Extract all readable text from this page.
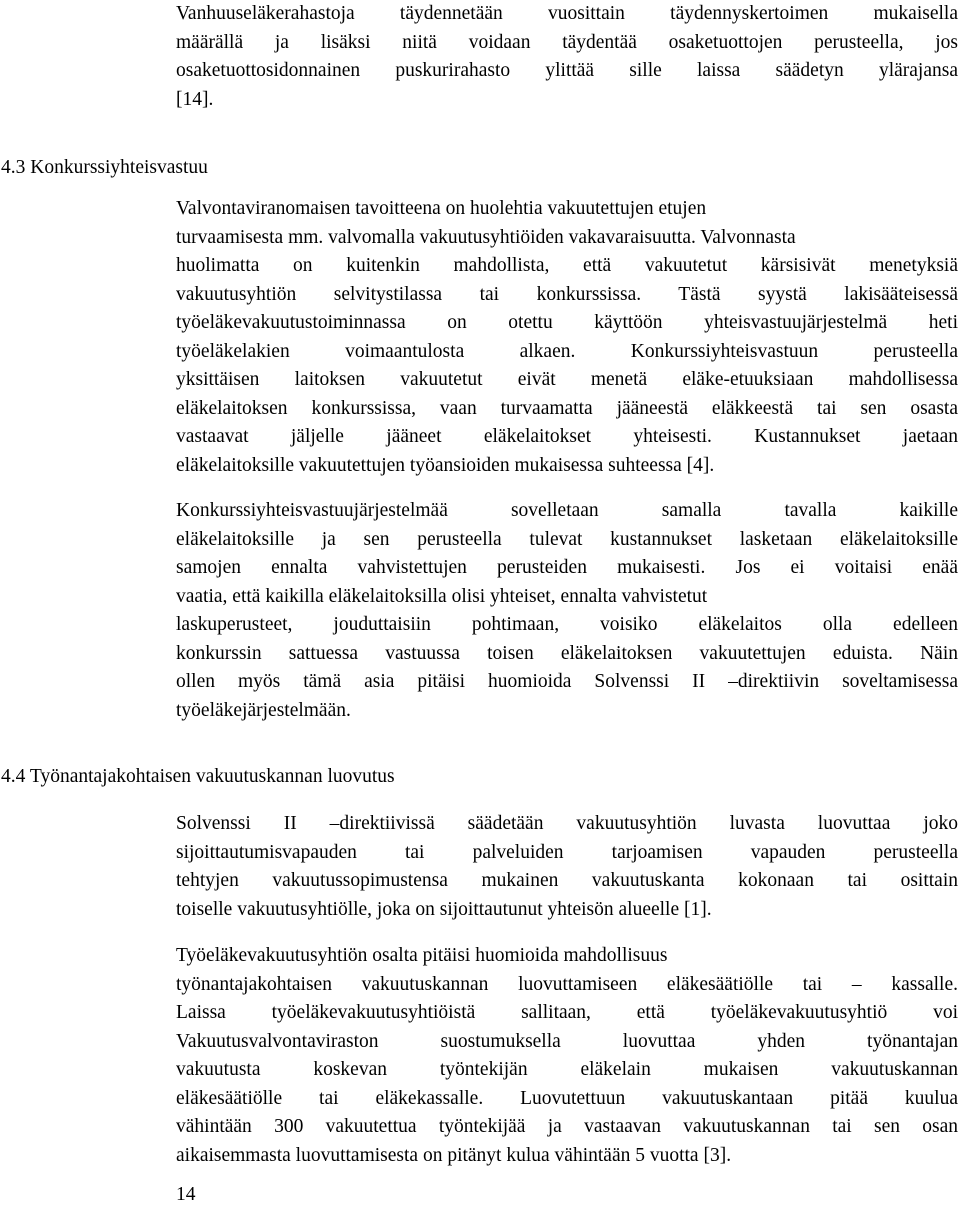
Vanhuuseläkerahastoja täydennetään vuosittain täydennyskertoimen mukaisella
määrällä ja lisäksi niitä voidaan täydentää osaketuottojen perusteella, jos
osaketuottosidonnainen puskurirahasto ylittää sille laissa säädetyn ylärajansa
[14].
4.3 Konkurssiyhteisvastuu
Valvontaviranomaisen tavoitteena on huolehtia vakuutettujen etujen
turvaamisesta mm. valvomalla vakuutusyhtiöiden vakavaraisuutta. Valvonnasta
huolimatta on kuitenkin mahdollista, että vakuutetut kärsisivät menetyksiä
vakuutusyhtiön selvitystilassa tai konkurssissa. Tästä syystä lakisääteisessä
työeläkevakuutustoiminnassa on otettu käyttöön yhteisvastuujärjestelmä heti
työeläkelakien voimaantulosta alkaen. Konkurssiyhteisvastuun perusteella
yksittäisen laitoksen vakuutetut eivät menetä eläke-etuuksiaan mahdollisessa
eläkelaitoksen konkurssissa, vaan turvaamatta jääneestä eläkkeestä tai sen osasta
vastaavat jäljelle jääneet eläkelaitokset yhteisesti. Kustannukset jaetaan
eläkelaitoksille vakuutettujen työansioiden mukaisessa suhteessa [4].
Konkurssiyhteisvastuujärjestelmää sovelletaan samalla tavalla kaikille
eläkelaitoksille ja sen perusteella tulevat kustannukset lasketaan eläkelaitoksille
samojen ennalta vahvistettujen perusteiden mukaisesti. Jos ei voitaisi enää
vaatia, että kaikilla eläkelaitoksilla olisi yhteiset, ennalta vahvistetut
laskuperusteet, jouduttaisiin pohtimaan, voisiko eläkelaitos olla edelleen
konkurssin sattuessa vastuussa toisen eläkelaitoksen vakuutettujen eduista. Näin
ollen myös tämä asia pitäisi huomioida Solvenssi II –direktiivin soveltamisessa
työeläkejärjestelmään.
4.4 Työnantajakohtaisen vakuutuskannan luovutus
Solvenssi II –direktiivissä säädetään vakuutusyhtiön luvasta luovuttaa joko
sijoittautumisvapauden tai palveluiden tarjoamisen vapauden perusteella
tehtyjen vakuutussopimustensa mukainen vakuutuskanta kokonaan tai osittain
toiselle vakuutusyhtiölle, joka on sijoittautunut yhteisön alueelle [1].
Työeläkevakuutusyhtiön osalta pitäisi huomioida mahdollisuus
työnantajakohtaisen vakuutuskannan luovuttamiseen eläkesäätiölle tai – kassalle.
Laissa työeläkevakuutusyhtiöistä sallitaan, että työeläkevakuutusyhtiö voi
Vakuutusvalvontaviraston suostumuksella luovuttaa yhden työnantajan
vakuutusta koskevan työntekijän eläkelain mukaisen vakuutuskannan
eläkesäätiölle tai eläkekassalle. Luovutettuun vakuutuskantaan pitää kuulua
vähintään 300 vakuutettua työntekijää ja vastaavan vakuutuskannan tai sen osan
aikaisemmasta luovuttamisesta on pitänyt kulua vähintään 5 vuotta [3].
14
